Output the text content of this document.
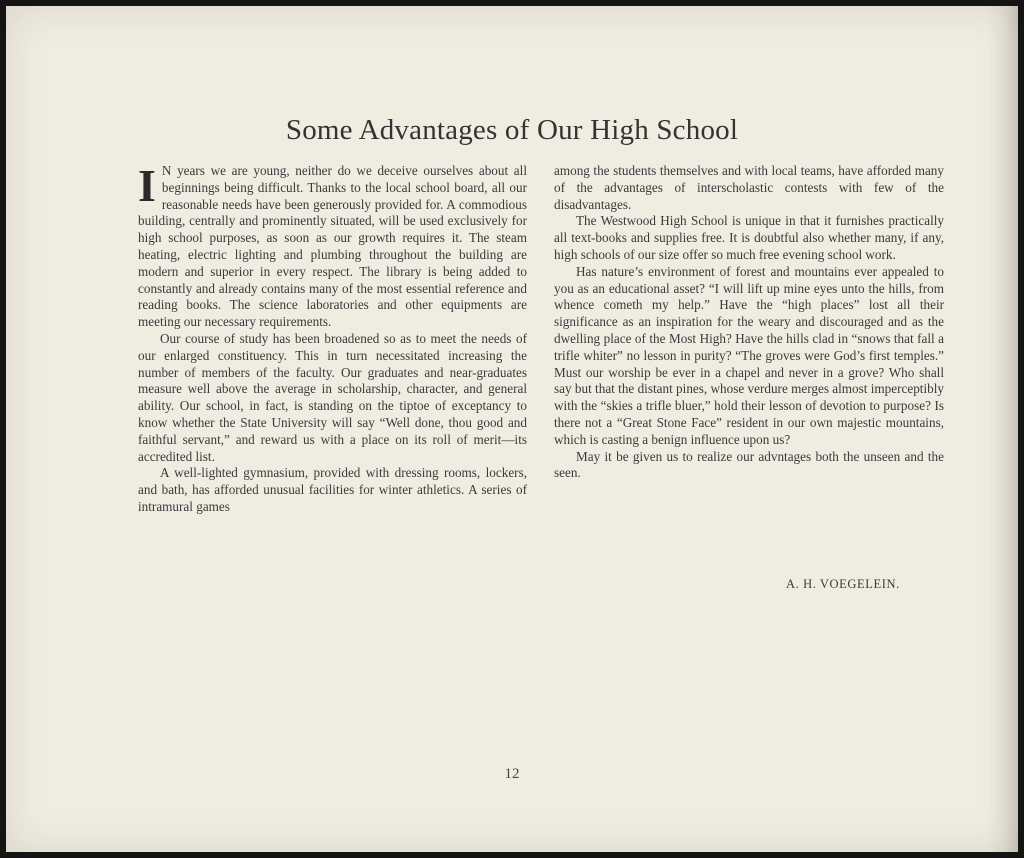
Some Advantages of Our High School

I N years we are young, neither do we deceive ourselves about all beginnings being difficult. Thanks to the local school board, all our reasonable needs have been generously provided for. A commodious building, centrally and prominently situated, will be used exclusively for high school purposes, as soon as our growth requires it. The steam heating, electric lighting and plumbing throughout the building are modern and superior in every respect. The library is being added to constantly and already contains many of the most essential reference and reading books. The science laboratories and other equipments are meeting our necessary requirements.

Our course of study has been broadened so as to meet the needs of our enlarged constituency. This in turn necessitated increasing the number of members of the faculty. Our graduates and near-graduates measure well above the average in scholarship, character, and general ability. Our school, in fact, is standing on the tiptoe of exceptancy to know whether the State University will say “Well done, thou good and faithful servant,” and reward us with a place on its roll of merit—its accredited list.

A well-lighted gymnasium, provided with dressing rooms, lockers, and bath, has afforded unusual facilities for winter athletics. A series of intramural games

among the students themselves and with local teams, have afforded many of the advantages of interscholastic contests with few of the disadvantages.

The Westwood High School is unique in that it furnishes practically all text-books and supplies free. It is doubtful also whether many, if any, high schools of our size offer so much free evening school work.

Has nature’s environment of forest and mountains ever appealed to you as an educational asset? “I will lift up mine eyes unto the hills, from whence cometh my help.” Have the “high places” lost all their significance as an inspiration for the weary and discouraged and as the dwelling place of the Most High? Have the hills clad in “snows that fall a trifle whiter” no lesson in purity? “The groves were God’s first temples.” Must our worship be ever in a chapel and never in a grove? Who shall say but that the distant pines, whose verdure merges almost imperceptibly with the “skies a trifle bluer,” hold their lesson of devotion to purpose? Is there not a “Great Stone Face” resident in our own majestic mountains, which is casting a benign influence upon us?

May it be given us to realize our advntages both the unseen and the seen.

A. H. VOEGELEIN.
12
